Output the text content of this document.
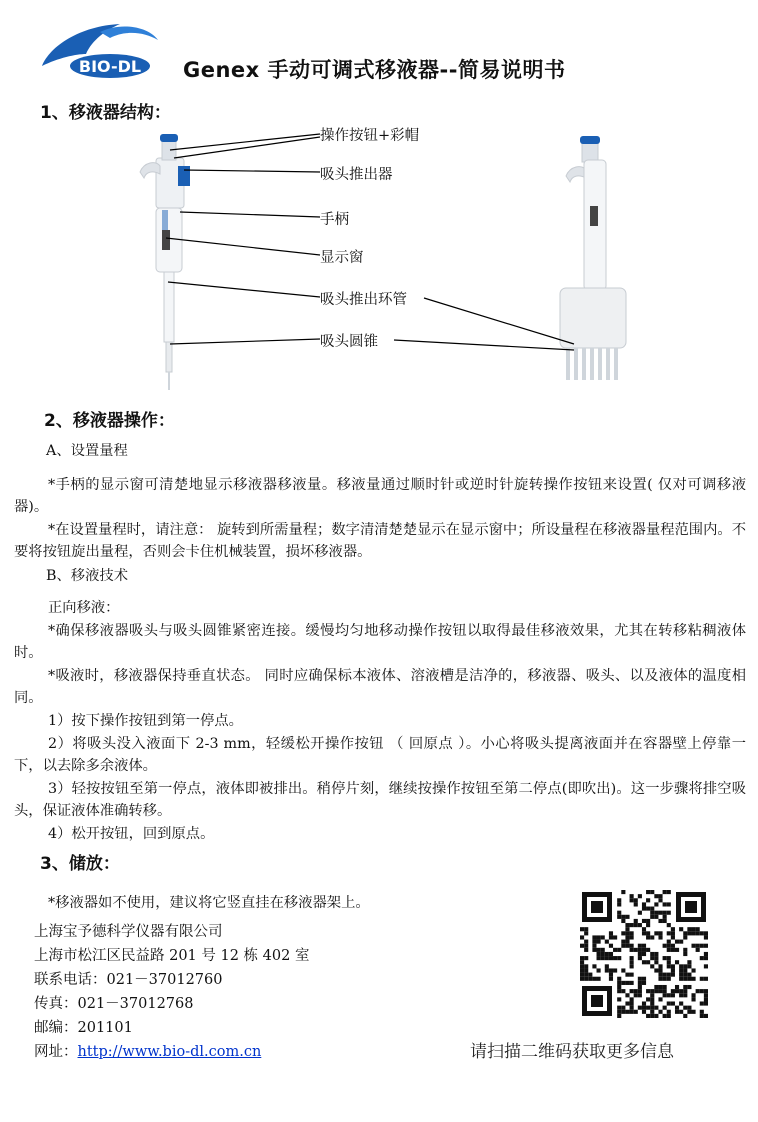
BIO-DL Genex 手动可调式移液器--简易说明书
1、移液器结构：
操作按钮+彩帽
吸头推出器
手柄
显示窗
吸头推出环管
吸头圆锥
2、移液器操作：
A、设置量程
*手柄的显示窗可清楚地显示移液器移液量。移液量通过顺时针或逆时针旋转操作按钮来设置( 仅对可调移液器)。
*在设置量程时，请注意： 旋转到所需量程；数字清清楚楚显示在显示窗中；所设量程在移液器量程范围内。不要将按钮旋出量程，否则会卡住机械装置，损坏移液器。
B、移液技术
正向移液：
*确保移液器吸头与吸头圆锥紧密连接。缓慢均匀地移动操作按钮以取得最佳移液效果，尤其在转移粘稠液体时。
*吸液时，移液器保持垂直状态。 同时应确保标本液体、溶液槽是洁净的，移液器、吸头、以及液体的温度相同。
1）按下操作按钮到第一停点。
2）将吸头没入液面下 2-3 mm，轻缓松开操作按钮 （ 回原点 ）。小心将吸头提离液面并在容器壁上停靠一下，以去除多余液体。
3）轻按按钮至第一停点，液体即被排出。稍停片刻，继续按操作按钮至第二停点(即吹出)。这一步骤将排空吸头，保证液体准确转移。
4）松开按钮，回到原点。
3、储放：
*移液器如不使用，建议将它竖直挂在移液器架上。
上海宝予德科学仪器有限公司
上海市松江区民益路 201 号 12 栋 402 室
联系电话：021－37012760
传真：021－37012768
邮编：201101
网址：http://www.bio-dl.com.cn	请扫描二维码获取更多信息
